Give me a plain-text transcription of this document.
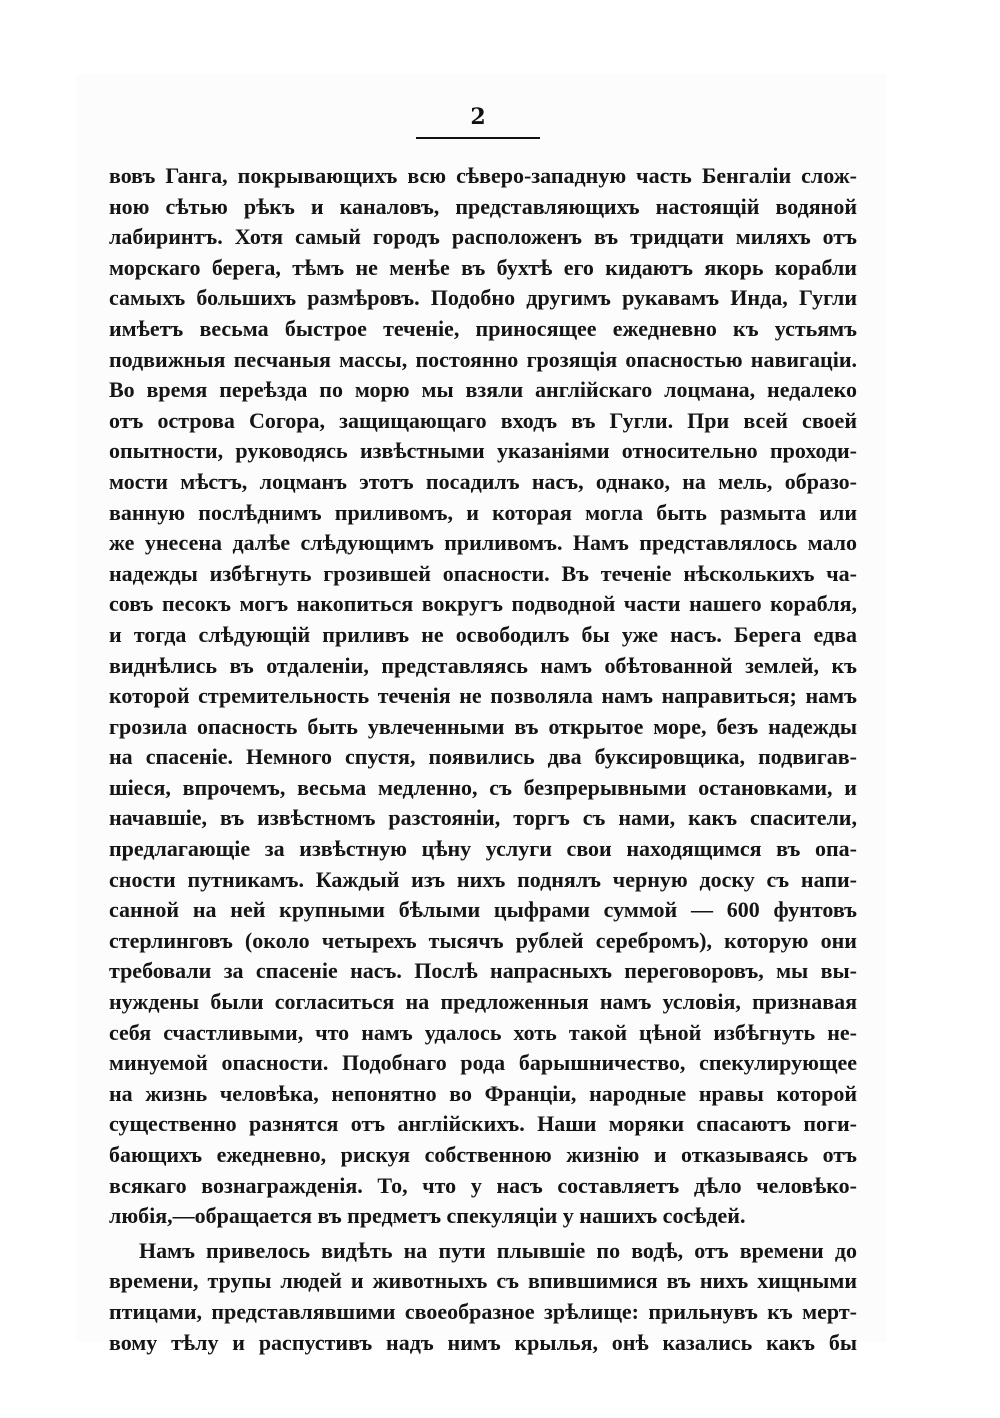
2
вовъ Ганга, покрывающихъ всю сѣверо-западную часть Бенгаліи слож-
ною сѣтью рѣкъ и каналовъ, представляющихъ настоящій водяной
лабиринтъ. Хотя самый городъ расположенъ въ тридцати миляхъ отъ
морскаго берега, тѣмъ не менѣе въ бухтѣ его кидаютъ якорь корабли
самыхъ большихъ размѣровъ. Подобно другимъ рукавамъ Инда, Гугли
имѣетъ весьма быстрое теченіе, приносящее ежедневно къ устьямъ
подвижныя песчаныя массы, постоянно грозящія опасностью навигаціи.
Во время переѣзда по морю мы взяли англійскаго лоцмана, недалеко
отъ острова Согора, защищающаго входъ въ Гугли. При всей своей
опытности, руководясь извѣстными указаніями относительно проходи-
мости мѣстъ, лоцманъ этотъ посадилъ насъ, однако, на мель, образо-
ванную послѣднимъ приливомъ, и которая могла быть размыта или
же унесена далѣе слѣдующимъ приливомъ. Намъ представлялось мало
надежды избѣгнуть грозившей опасности. Въ теченіе нѣсколькихъ ча-
совъ песокъ могъ накопиться вокругъ подводной части нашего корабля,
и тогда слѣдующій приливъ не освободилъ бы уже насъ. Берега едва
виднѣлись въ отдаленіи, представляясь намъ обѣтованной землей, къ
которой стремительность теченія не позволяла намъ направиться; намъ
грозила опасность быть увлеченными въ открытое море, безъ надежды
на спасеніе. Немного спустя, появились два буксировщика, подвигав-
шіеся, впрочемъ, весьма медленно, съ безпрерывными остановками, и
начавшіе, въ извѣстномъ разстояніи, торгъ съ нами, какъ спасители,
предлагающіе за извѣстную цѣну услуги свои находящимся въ опа-
сности путникамъ. Каждый изъ нихъ поднялъ черную доску съ напи-
санной на ней крупными бѣлыми цыфрами суммой — 600 фунтовъ
стерлинговъ (около четырехъ тысячъ рублей серебромъ), которую они
требовали за спасеніе насъ. Послѣ напрасныхъ переговоровъ, мы вы-
нуждены были согласиться на предложенныя намъ условія, признавая
себя счастливыми, что намъ удалось хоть такой цѣной избѣгнуть не-
минуемой опасности. Подобнаго рода барышничество, спекулирующее
на жизнь человѣка, непонятно во Франціи, народные нравы которой
существенно разнятся отъ англійскихъ. Наши моряки спасаютъ поги-
бающихъ ежедневно, рискуя собственною жизнію и отказываясь отъ
всякаго вознагражденія. То, что у насъ составляетъ дѣло человѣко-
любія,—обращается въ предметъ спекуляціи у нашихъ сосѣдей.
Намъ привелось видѣть на пути плывшіе по водѣ, отъ времени до
времени, трупы людей и животныхъ съ впившимися въ нихъ хищными
птицами, представлявшими своеобразное зрѣлище: прильнувъ къ мерт-
вому тѣлу и распустивъ надъ нимъ крылья, онѣ казались какъ бы
